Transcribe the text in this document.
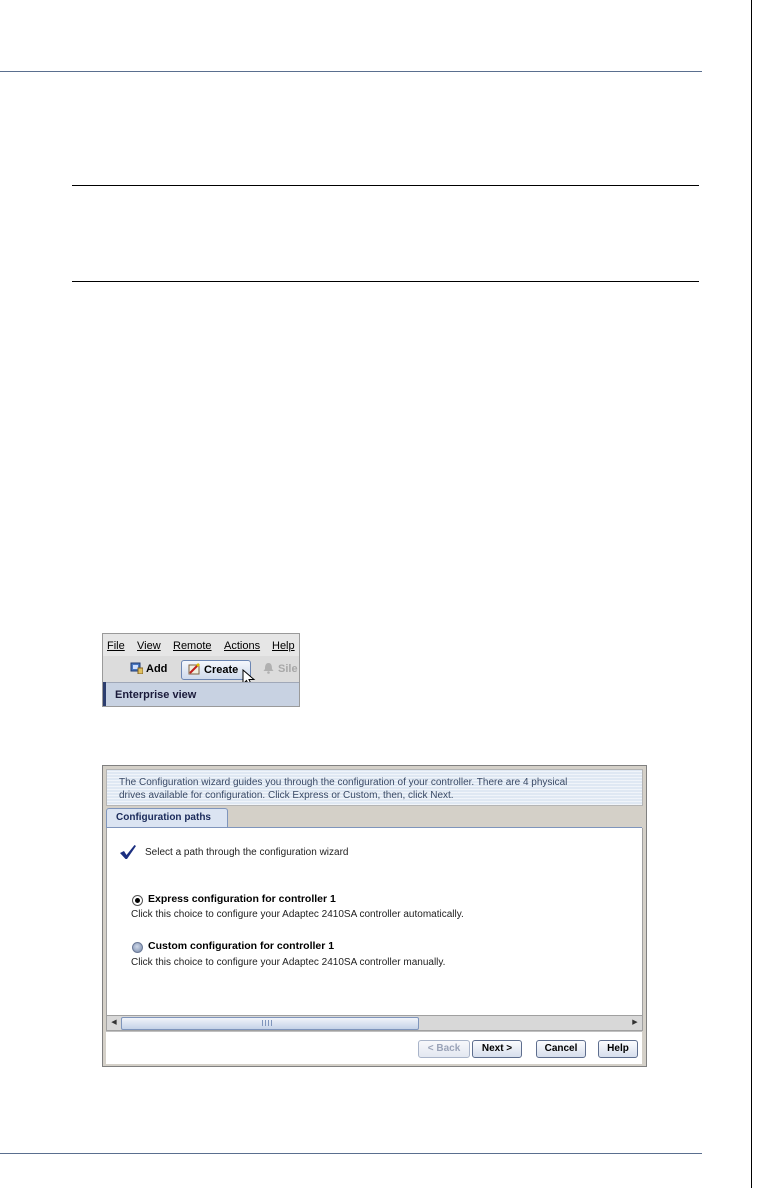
File View Remote Actions Help
Add	Create	Sile
Enterprise view
The Configuration wizard guides you through the configuration of your controller. There are 4 physical
drives available for configuration. Click Express or Custom, then, click Next.
Configuration paths
Select a path through the configuration wizard
Express configuration for controller 1
Click this choice to configure your Adaptec 2410SA controller automatically.
Custom configuration for controller 1
Click this choice to configure your Adaptec 2410SA controller manually.
◀	▶
< Back	Next >	Cancel	Help
